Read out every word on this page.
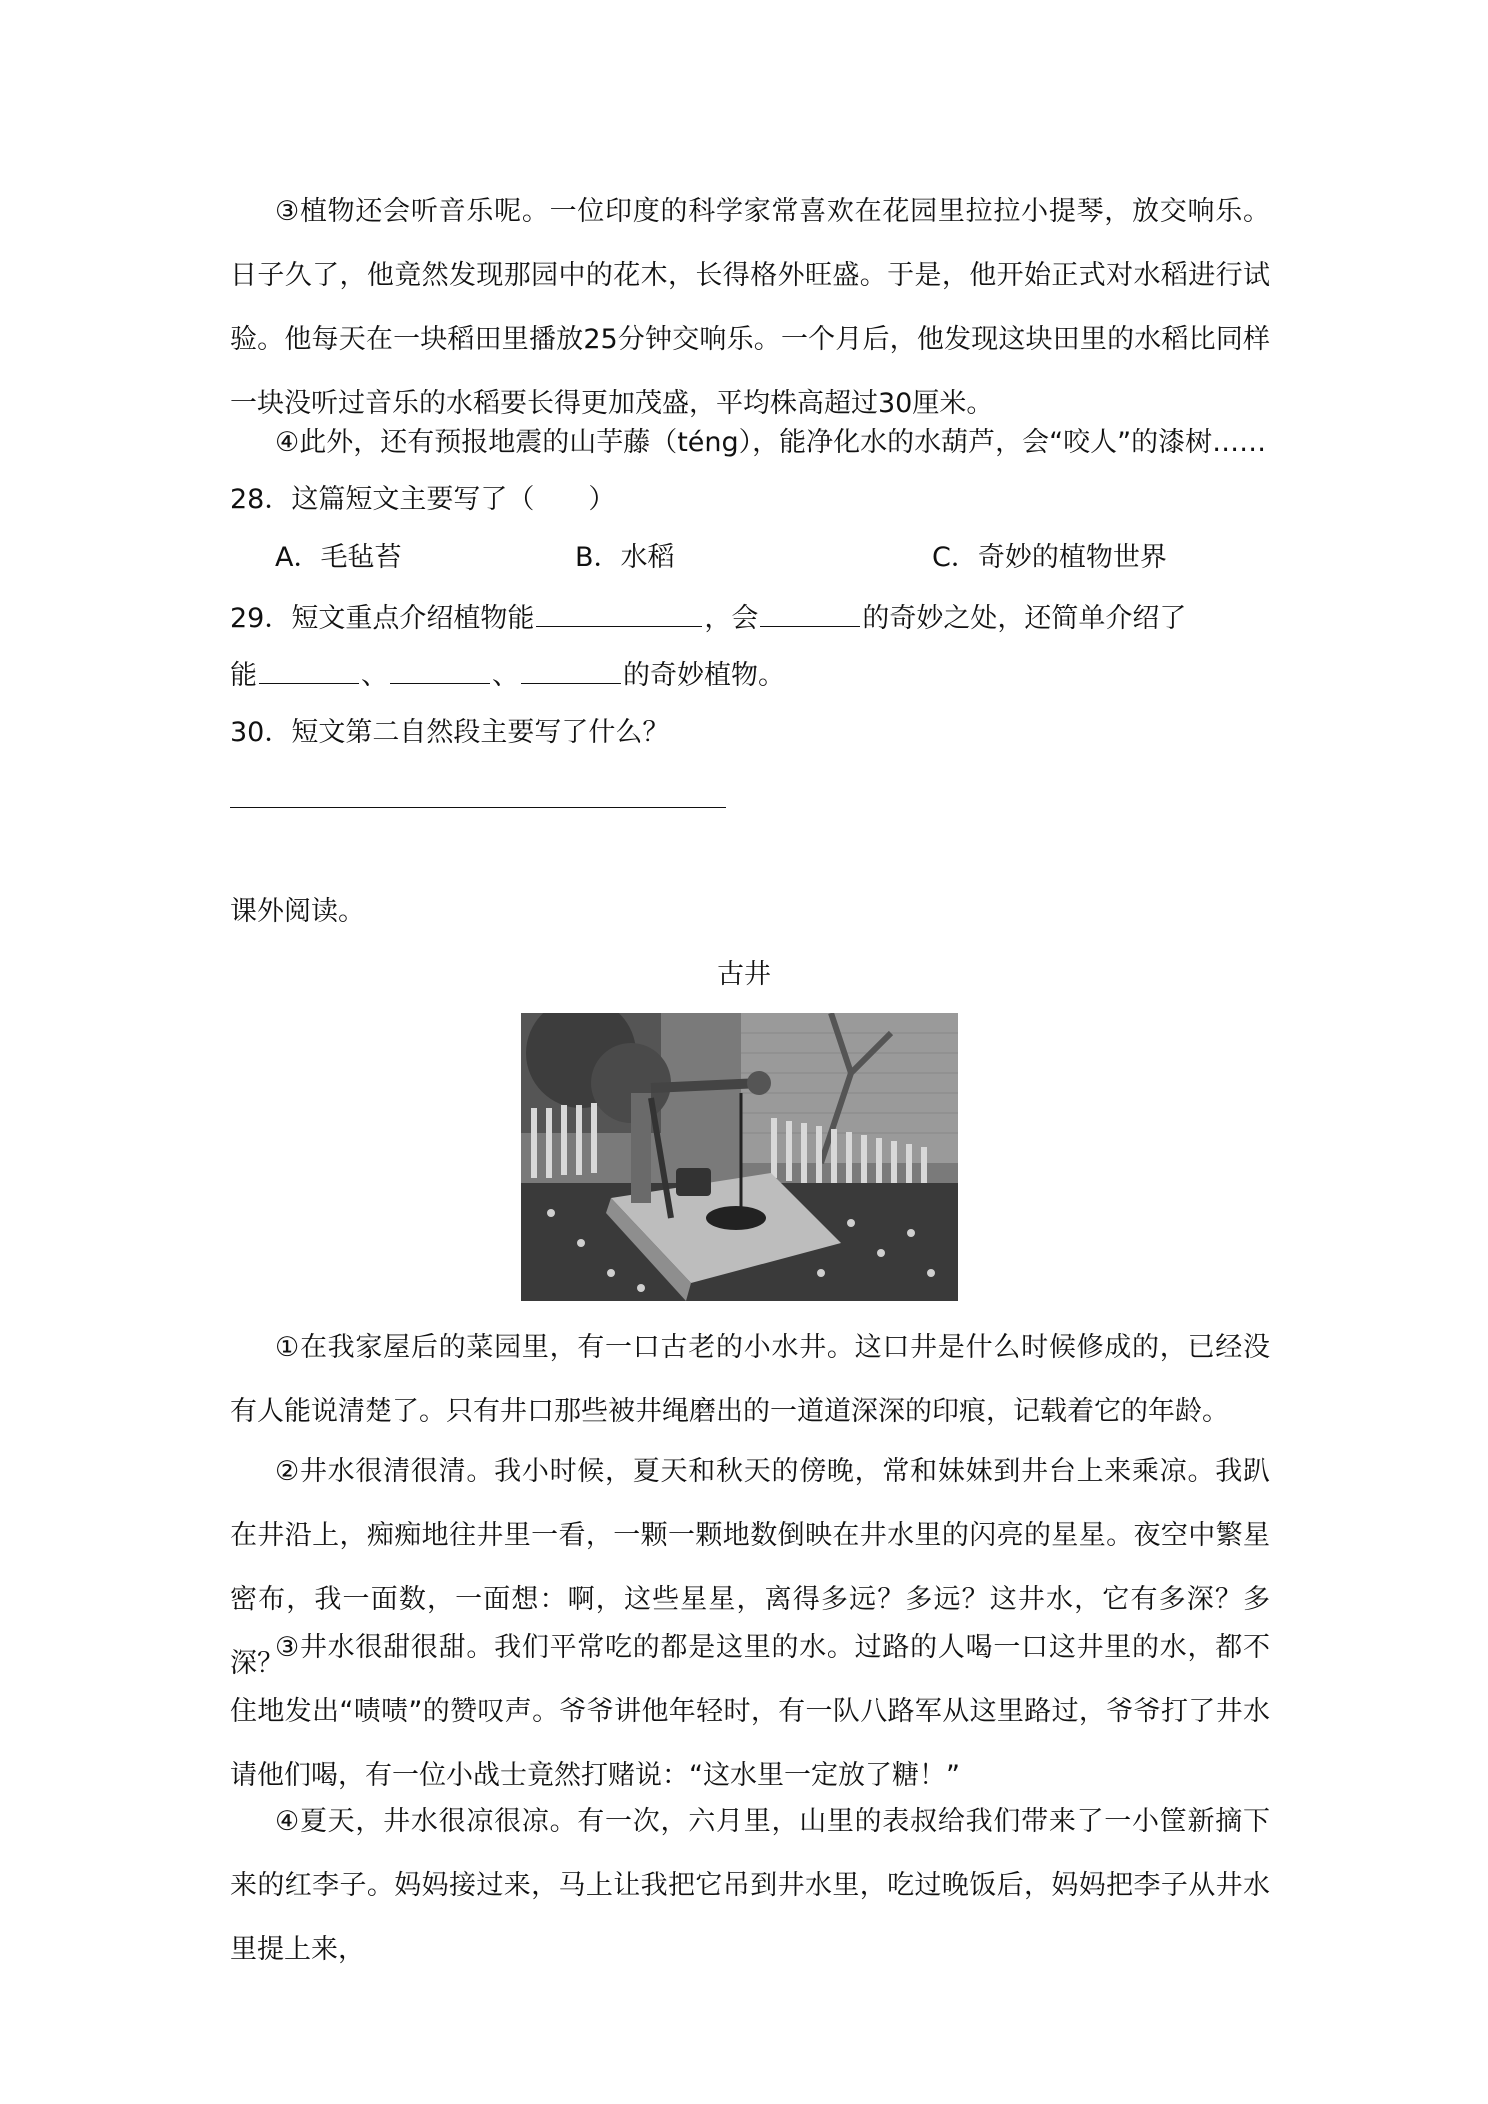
③植物还会听音乐呢。一位印度的科学家常喜欢在花园里拉拉小提琴，放交响乐。日子久了，他竟然发现那园中的花木，长得格外旺盛。于是，他开始正式对水稻进行试验。他每天在一块稻田里播放25分钟交响乐。一个月后，他发现这块田里的水稻比同样一块没听过音乐的水稻要长得更加茂盛，平均株高超过30厘米。

④此外，还有预报地震的山芋藤（téng），能净化水的水葫芦，会“咬人”的漆树……
28．这篇短文主要写了（　　）
A．毛毡苔	B．水稻	C．奇妙的植物世界
29．短文重点介绍植物能	，会	的奇妙之处，还简单介绍了
能	、	、	的奇妙植物。
30．短文第二自然段主要写了什么？
课外阅读。
古井

①在我家屋后的菜园里，有一口古老的小水井。这口井是什么时候修成的，已经没有人能说清楚了。只有井口那些被井绳磨出的一道道深深的印痕，记载着它的年龄。

②井水很清很清。我小时候，夏天和秋天的傍晚，常和妹妹到井台上来乘凉。我趴在井沿上，痴痴地往井里一看，一颗一颗地数倒映在井水里的闪亮的星星。夜空中繁星密布，我一面数，一面想：啊，这些星星，离得多远？多远？这井水，它有多深？多深？

③井水很甜很甜。我们平常吃的都是这里的水。过路的人喝一口这井里的水，都不住地发出“啧啧”的赞叹声。爷爷讲他年轻时，有一队八路军从这里路过，爷爷打了井水请他们喝，有一位小战士竟然打赌说：“这水里一定放了糖！”

④夏天，井水很凉很凉。有一次，六月里，山里的表叔给我们带来了一小筐新摘下来的红李子。妈妈接过来，马上让我把它吊到井水里，吃过晚饭后，妈妈把李子从井水里提上来，
